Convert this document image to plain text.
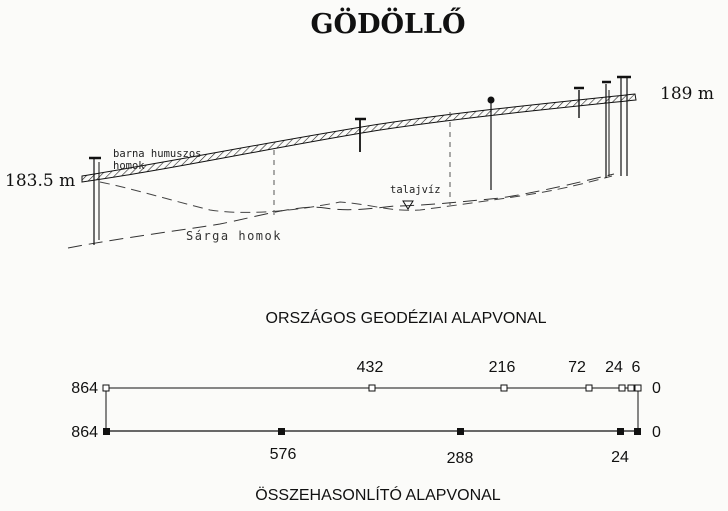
GÖDÖLLŐ
183.5 m
189 m
barna humuszos
homok
talajvíz
Sárga homok
ORSZÁGOS GEODÉZIAI ALAPVONAL
864	0
432	216	72 24 6
864	0
576	288	24
ÖSSZEHASONLÍTÓ ALAPVONAL
